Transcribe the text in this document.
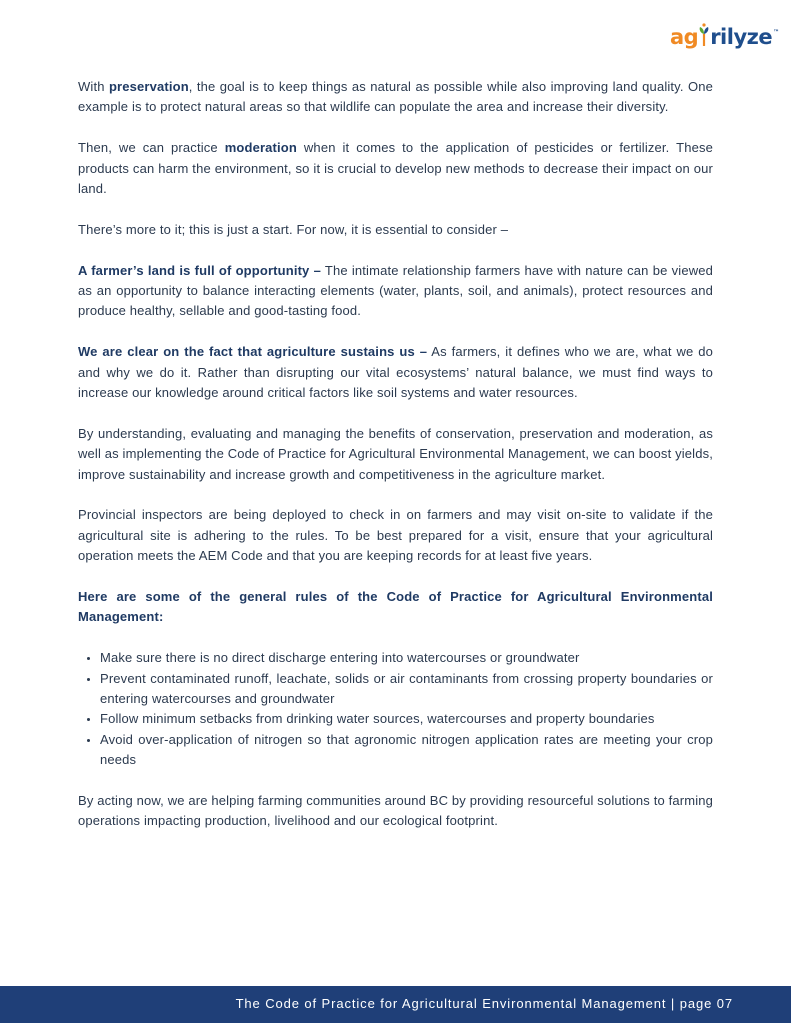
ag rilyze ™

With preservation, the goal is to keep things as natural as possible while also improving land quality. One example is to protect natural areas so that wildlife can populate the area and increase their diversity.

Then, we can practice moderation when it comes to the application of pesticides or fertilizer. These products can harm the environment, so it is crucial to develop new methods to decrease their impact on our land.

There’s more to it; this is just a start. For now, it is essential to consider –

A farmer’s land is full of opportunity – The intimate relationship farmers have with nature can be viewed as an opportunity to balance interacting elements (water, plants, soil, and animals), protect resources and produce healthy, sellable and good-tasting food.

We are clear on the fact that agriculture sustains us – As farmers, it defines who we are, what we do and why we do it. Rather than disrupting our vital ecosystems’ natural balance, we must find ways to increase our knowledge around critical factors like soil systems and water resources.

By understanding, evaluating and managing the benefits of conservation, preservation and moderation, as well as implementing the Code of Practice for Agricultural Environmental Management, we can boost yields, improve sustainability and increase growth and competitiveness in the agriculture market.

Provincial inspectors are being deployed to check in on farmers and may visit on-site to validate if the agricultural site is adhering to the rules. To be best prepared for a visit, ensure that your agricultural operation meets the AEM Code and that you are keeping records for at least five years.

Here are some of the general rules of the Code of Practice for Agricultural Environmental Management:

• Make sure there is no direct discharge entering into watercourses or groundwater
• Prevent contaminated runoff, leachate, solids or air contaminants from crossing property boundaries or entering watercourses and groundwater
• Follow minimum setbacks from drinking water sources, watercourses and property boundaries
• Avoid over-application of nitrogen so that agronomic nitrogen application rates are meeting your crop needs

By acting now, we are helping farming communities around BC by providing resourceful solutions to farming operations impacting production, livelihood and our ecological footprint.

The Code of Practice for Agricultural Environmental Management | page 07
